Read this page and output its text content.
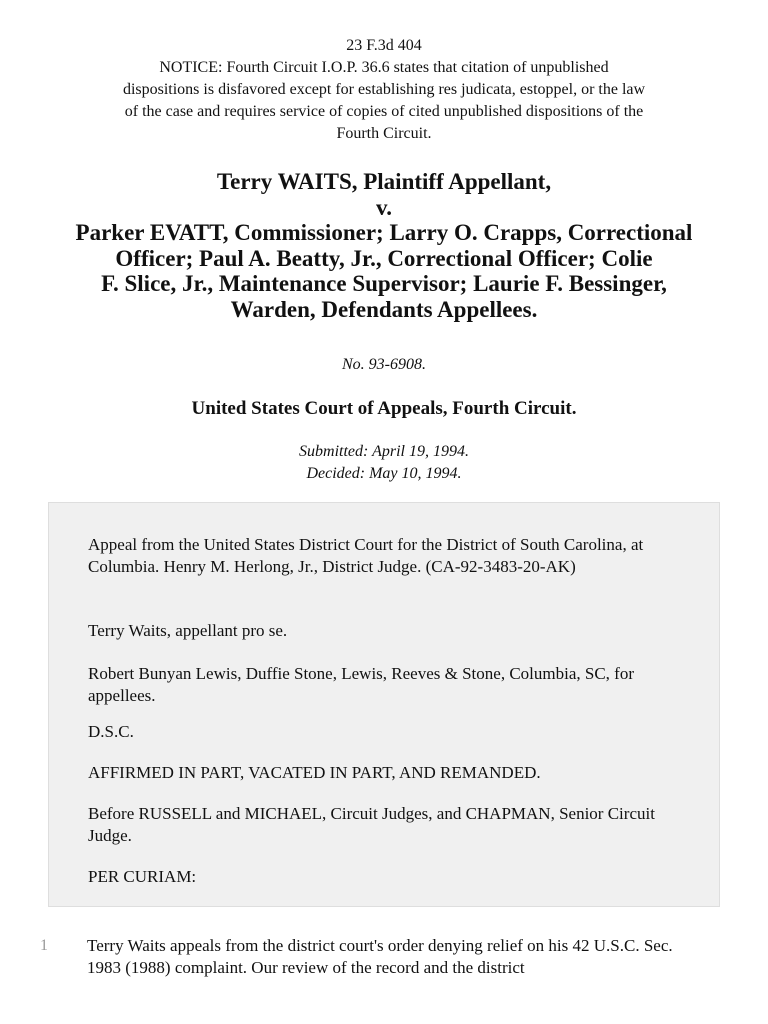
23 F.3d 404
NOTICE: Fourth Circuit I.O.P. 36.6 states that citation of unpublished
dispositions is disfavored except for establishing res judicata, estoppel, or the law
of the case and requires service of copies of cited unpublished dispositions of the
Fourth Circuit.
Terry WAITS, Plaintiff Appellant,
v.
Parker EVATT, Commissioner; Larry O. Crapps, Correctional
Officer; Paul A. Beatty, Jr., Correctional Officer; Colie
F. Slice, Jr., Maintenance Supervisor; Laurie F. Bessinger,
Warden, Defendants Appellees.
No. 93-6908.
United States Court of Appeals, Fourth Circuit.
Submitted: April 19, 1994.
Decided: May 10, 1994.

Appeal from the United States District Court for the District of South Carolina, at Columbia. Henry M. Herlong, Jr., District Judge. (CA-92-3483-20-AK)

Terry Waits, appellant pro se.

Robert Bunyan Lewis, Duffie Stone, Lewis, Reeves & Stone, Columbia, SC, for appellees.

D.S.C.

AFFIRMED IN PART, VACATED IN PART, AND REMANDED.

Before RUSSELL and MICHAEL, Circuit Judges, and CHAPMAN, Senior Circuit Judge.

PER CURIAM:

1 Terry Waits appeals from the district court's order denying relief on his 42 U.S.C. Sec. 1983 (1988) complaint. Our review of the record and the district
